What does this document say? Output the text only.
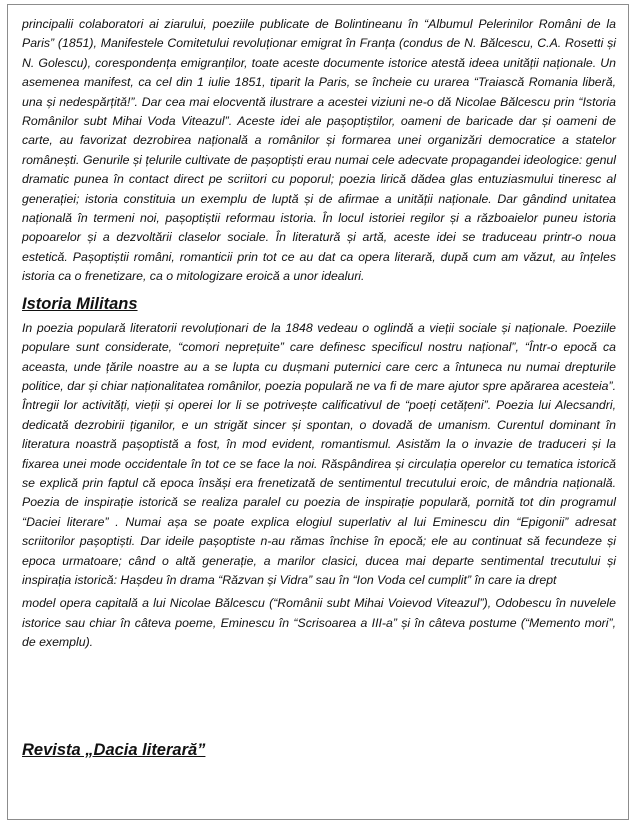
principalii colaboratori ai ziarului, poeziile publicate de Bolintineanu în “Albumul Pelerinilor Români de la Paris” (1851), Manifestele Comitetului revoluționar emigrat în Franța (condus de N. Bălcescu, C.A. Rosetti și N. Golescu), corespondența emigranților, toate aceste documente istorice atestă ideea unității naționale. Un asemenea manifest, ca cel din 1 iulie 1851, tiparit la Paris, se încheie cu urarea “Traiască Romania liberă, una și nedespărțită!”. Dar cea mai elocventă ilustrare a acestei viziuni ne-o dă Nicolae Bălcescu prin “Istoria Românilor subt Mihai Voda Viteazul”. Aceste idei ale pașoptiștilor, oameni de baricade dar și oameni de carte, au favorizat dezrobirea națională a românilor și formarea unei organizări democratice a statelor românești. Genurile și țelurile cultivate de pașoptiști erau numai cele adecvate propagandei ideologice: genul dramatic punea în contact direct pe scriitori cu poporul; poezia lirică dădea glas entuziasmului tineresc al generației; istoria constituia un exemplu de luptă și de afirmae a unității naționale. Dar gândind unitatea națională în termeni noi, pașoptiștii reformau istoria. În locul istoriei regilor și a războaielor puneu istoria popoarelor și a dezvoltării claselor sociale. În literatură și artă, aceste idei se traduceau printr-o noua estetică. Pașoptiștii români, romanticii prin tot ce au dat ca opera literară, după cum am văzut, au înțeles istoria ca o frenetizare, ca o mitologizare eroică a unor idealuri.

Istoria Militans

In poezia populară literatorii revoluționari de la 1848 vedeau o oglindă a vieții sociale și naționale. Poeziile populare sunt considerate, “comori neprețuite” care definesc specificul nostru național”, “Într-o epocă ca aceasta, unde țările noastre au a se lupta cu dușmani puternici care cerc a întuneca nu numai drepturile politice, dar și chiar naționalitatea românilor, poezia populară ne va fi de mare ajutor spre apărarea acesteia”. Întregii lor activități, vieții și operei lor li se potrivește calificativul de “poeți cetățeni”. Poezia lui Alecsandri, dedicată dezrobirii țiganilor, e un strigăt sincer și spontan, o dovadă de umanism. Curentul dominant în literatura noastră pașoptistă a fost, în mod evident, romantismul. Asistăm la o invazie de traduceri și la fixarea unei mode occidentale în tot ce se face la noi. Răspândirea și circulația operelor cu tematica istorică se explică prin faptul că epoca însăși era frenetizată de sentimentul trecutului eroic, de mândria națională. Poezia de inspirație istorică se realiza paralel cu poezia de inspirație populară, pornită tot din programul “Daciei literare” . Numai așa se poate explica elogiul superlativ al lui Eminescu din “Epigonii” adresat scriitorilor pașoptiști. Dar ideile pașoptiste n-au rămas închise în epocă; ele au continuat să fecundeze și epoca urmatoare; când o altă generație, a marilor clasici, ducea mai departe sentimental trecutului și inspirația istorică: Hașdeu în drama “Răzvan și Vidra” sau în “Ion Voda cel cumplit” în care ia drept

model opera capitală a lui Nicolae Bălcescu (“Românii subt Mihai Voievod Viteazul”), Odobescu în nuvelele istorice sau chiar în câteva poeme, Eminescu în “Scrisoarea a III-a” și în câteva postume (“Memento mori”, de exemplu).

Revista „Dacia literară”
